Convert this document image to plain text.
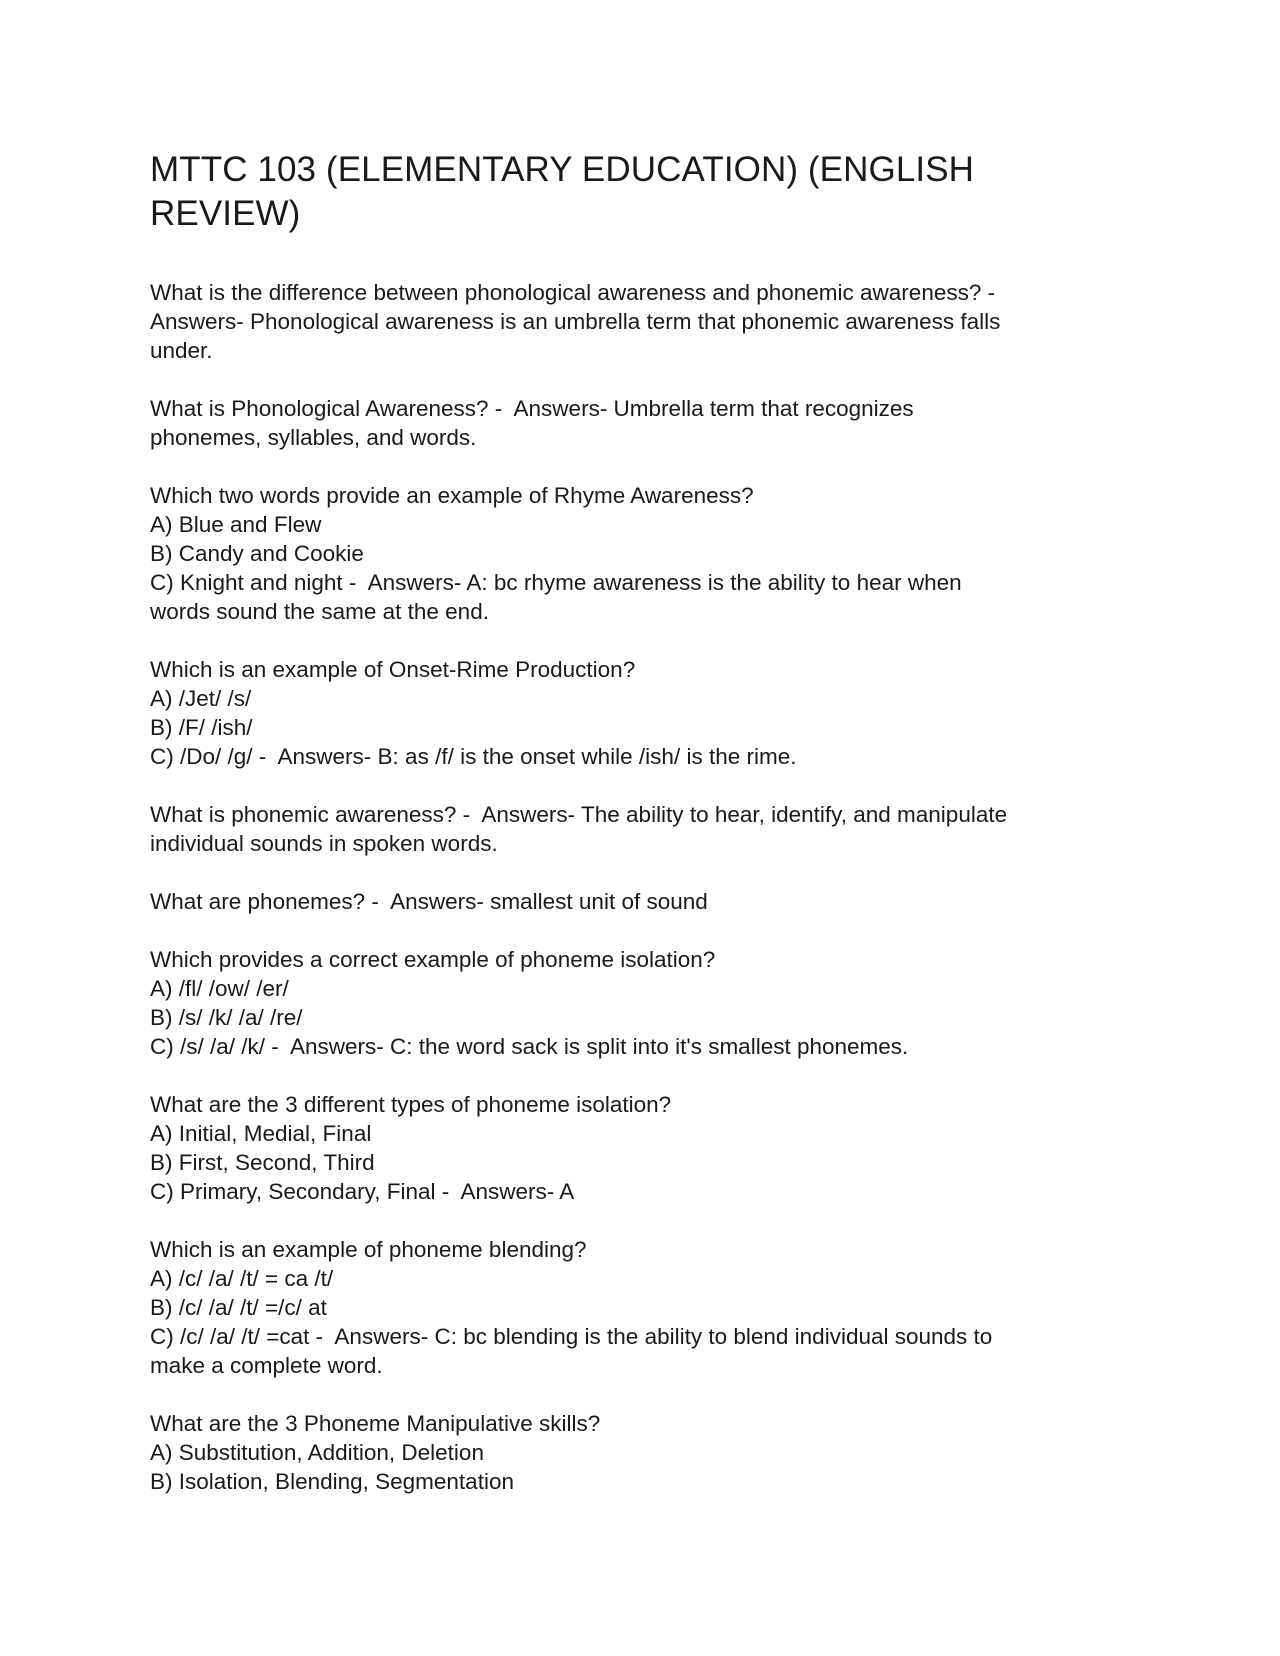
MTTC 103 (ELEMENTARY EDUCATION) (ENGLISH
REVIEW)
What is the difference between phonological awareness and phonemic awareness? -
Answers- Phonological awareness is an umbrella term that phonemic awareness falls
under.
What is Phonological Awareness? -  Answers- Umbrella term that recognizes
phonemes, syllables, and words.
Which two words provide an example of Rhyme Awareness?
A) Blue and Flew
B) Candy and Cookie
C) Knight and night -  Answers- A: bc rhyme awareness is the ability to hear when
words sound the same at the end.
Which is an example of Onset-Rime Production?
A) /Jet/ /s/
B) /F/ /ish/
C) /Do/ /g/ -  Answers- B: as /f/ is the onset while /ish/ is the rime.
What is phonemic awareness? -  Answers- The ability to hear, identify, and manipulate
individual sounds in spoken words.
What are phonemes? -  Answers- smallest unit of sound
Which provides a correct example of phoneme isolation?
A) /fl/ /ow/ /er/
B) /s/ /k/ /a/ /re/
C) /s/ /a/ /k/ -  Answers- C: the word sack is split into it's smallest phonemes.
What are the 3 different types of phoneme isolation?
A) Initial, Medial, Final
B) First, Second, Third
C) Primary, Secondary, Final -  Answers- A
Which is an example of phoneme blending?
A) /c/ /a/ /t/ = ca /t/
B) /c/ /a/ /t/ =/c/ at
C) /c/ /a/ /t/ =cat -  Answers- C: bc blending is the ability to blend individual sounds to
make a complete word.
What are the 3 Phoneme Manipulative skills?
A) Substitution, Addition, Deletion
B) Isolation, Blending, Segmentation
